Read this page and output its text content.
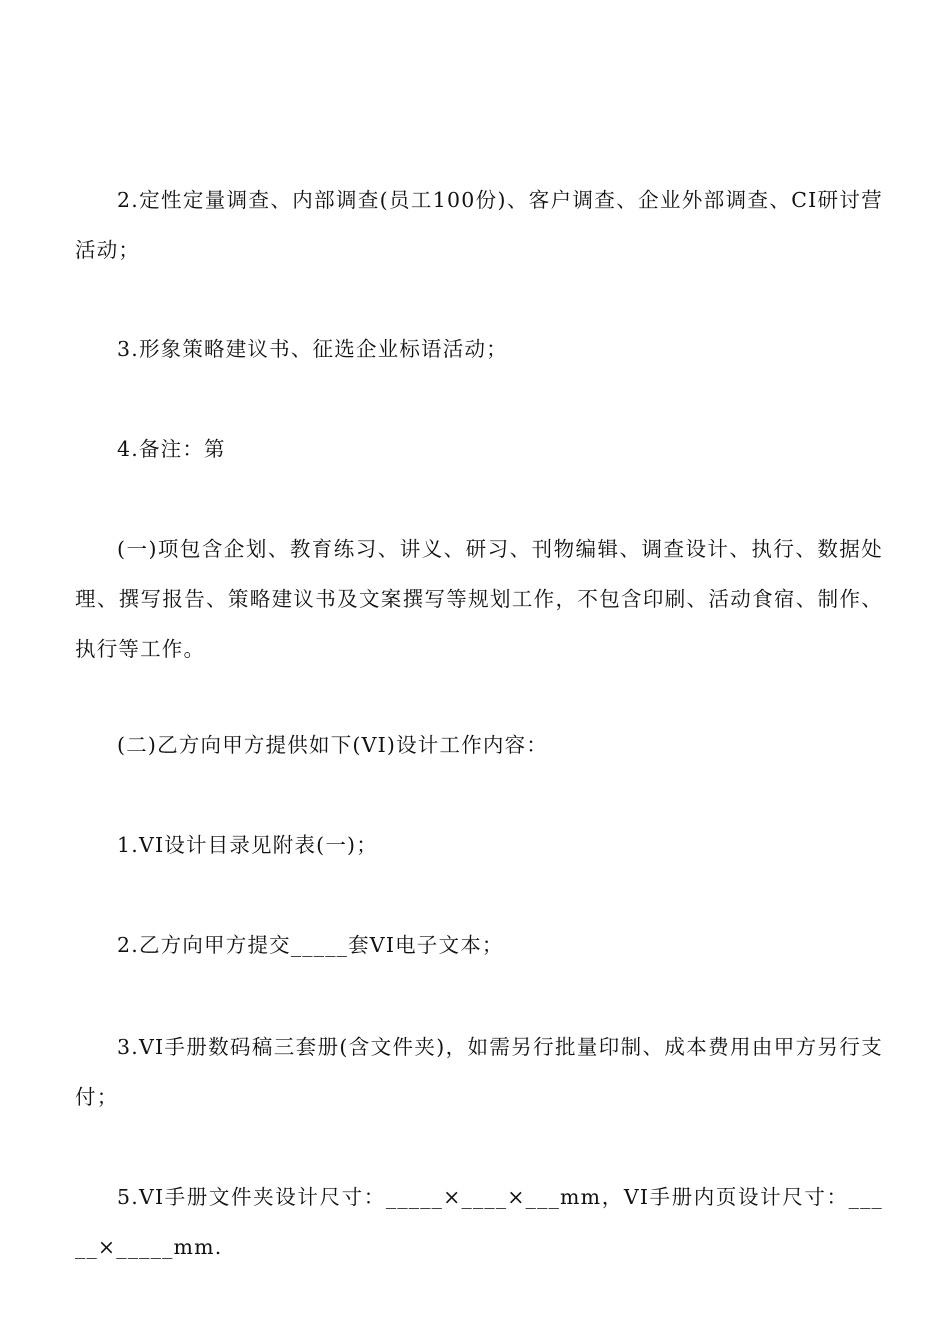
2.定性定量调查、内部调查(员工100份)、客户调查、企业外部调查、CI研讨营活动；

3.形象策略建议书、征选企业标语活动；

4.备注：第

(一)项包含企划、教育练习、讲义、研习、刊物编辑、调查设计、执行、数据处理、撰写报告、策略建议书及文案撰写等规划工作，不包含印刷、活动食宿、制作、执行等工作。

(二)乙方向甲方提供如下(VI)设计工作内容：

1.VI设计目录见附表(一)；

2.乙方向甲方提交_____套VI电子文本；

3.VI手册数码稿三套册(含文件夹)，如需另行批量印制、成本费用由甲方另行支付；

5.VI手册文件夹设计尺寸：_____×____×___mm，VI手册内页设计尺寸：_____×_____mm.
